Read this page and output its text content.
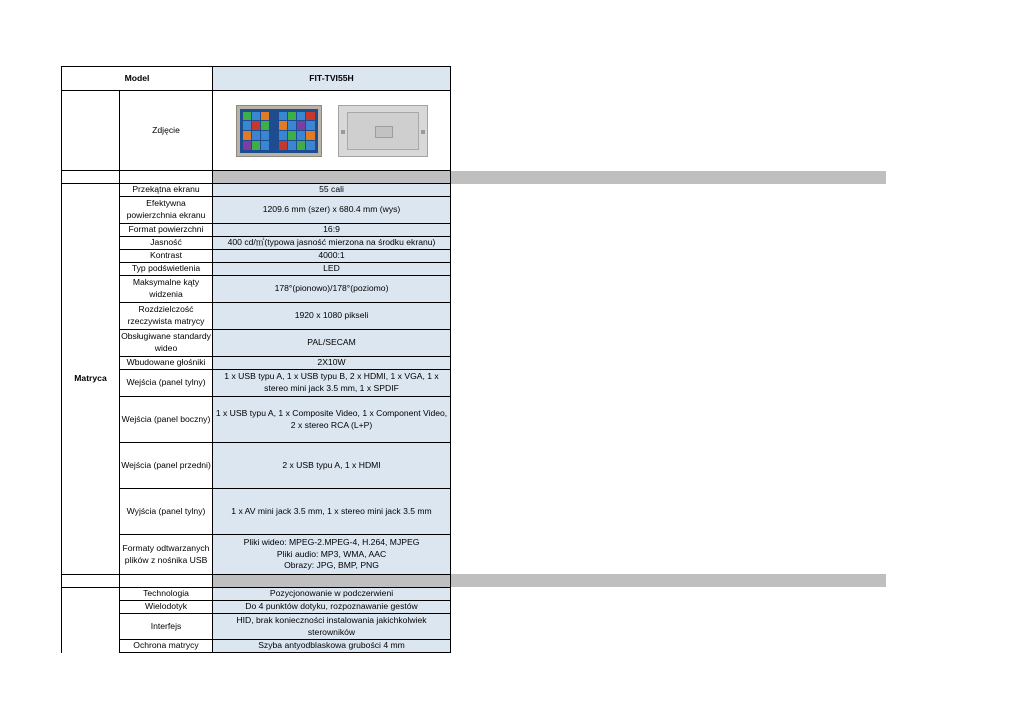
Model		FIT-TVI55H
	Zdjęcie	

Matryca	Przekątna ekranu	55 cali
	Efektywna powierzchnia ekranu	1209.6 mm (szer) x 680.4 mm (wys)
	Format powierzchni	16:9
	Jasność	400 cd/㎡(typowa jasność mierzona na środku ekranu)
	Kontrast	4000:1
	Typ podświetlenia	LED
	Maksymalne kąty widzenia	178°(pionowo)/178°(poziomo)
	Rozdzielczość rzeczywista matrycy	1920 x 1080 pikseli
	Obsługiwane standardy wideo	PAL/SECAM
	Wbudowane głośniki	2X10W
	Wejścia (panel tylny)	1 x USB typu A, 1 x USB typu B, 2 x HDMI, 1 x VGA, 1 x stereo mini jack 3.5 mm, 1 x SPDIF
	Wejścia (panel boczny)	1 x USB typu A, 1 x Composite Video, 1 x Component Video, 2 x stereo RCA (L+P)
	Wejścia (panel przedni)	2 x USB typu A, 1 x HDMI
	Wyjścia (panel tylny)	1 x AV mini jack 3.5 mm, 1 x stereo mini jack 3.5 mm
	Formaty odtwarzanych plików z nośnika USB	Pliki wideo: MPEG-2.MPEG-4, H.264, MJPEG
Pliki audio: MP3, WMA, AAC
Obrazy: JPG, BMP, PNG

	Technologia	Pozycjonowanie w podczerwieni
	Wielodotyk	Do 4 punktów dotyku, rozpoznawanie gestów
	Interfejs	HID, brak konieczności instalowania jakichkolwiek sterowników
	Ochrona matrycy	Szyba antyodblaskowa grubości 4 mm
